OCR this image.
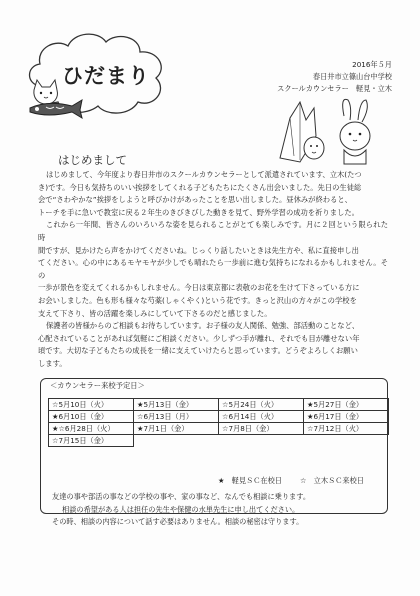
ひだまり	2016年５月
春日井市立篠山台中学校
スクールカウンセラー　軽見・立木
はじめまして

はじめまして、今年度より春日井市のスクールカウンセラーとして派遣されています、立木(たつ

き)です。今日も気持ちのいい挨拶をしてくれる子どもたちにたくさん出会いました。先日の生徒総

会で“さわやかな”挨拶をしようと呼びかけがあったことを思い出しました。昼休みが終わると、

トーチを手に急いで教室に戻る２年生のきびきびした動きを見て、野外学習の成功を祈りました。

これから一年間、皆さんのいろいろな姿を見られることがとても楽しみです。月に２回という限られた時

間ですが、見かけたら声をかけてくださいね。じっくり話したいときは先生方や、私に直接申し出

てください。心の中にあるモヤモヤが少しでも晴れたら一歩前に進む気持ちになれるかもしれません。その

一歩が景色を変えてくれるかもしれません。今日は東京都に表敬のお花を生けて下さっている方に

お会いしました。色も形も様々な芍薬(しゃくやく)という花です。きっと沢山の方々がこの学校を

支えて下さり、皆の活躍を楽しみにしていて下さるのだと感じました。

保護者の皆様からのご相談もお待ちしています。お子様の友人関係、勉強、部活動のことなど、

心配されていることがあれば気軽にご相談ください。少しずつ手が離れ、それでも目が離せない年

頃です。大切な子どもたちの成長を一緒に支えていけたらと思っています。どうぞよろしくお願い

します。

＜カウンセラー来校予定日＞
☆5月10日（火）	★5月13日（金）	☆5月24日（火）	★5月27日（金）
★6月10日（金）	☆6月13日（月）	☆6月14日（火）	★6月17日（金）
★☆6月28日（火）	★7月1日（金）	☆7月8日（金）	☆7月12日（火）
☆7月15日（金）			
★　軽見ＳＣ在校日	☆　立木ＳＣ来校日
友達の事や部活の事などの学校の事や、家の事など、なんでも相談に乗ります。
相談の希望がある人は担任の先生や保健の水単先生に申し出てください。
その時、相談の内容について話す必要はありません。相談の秘密は守ります。
